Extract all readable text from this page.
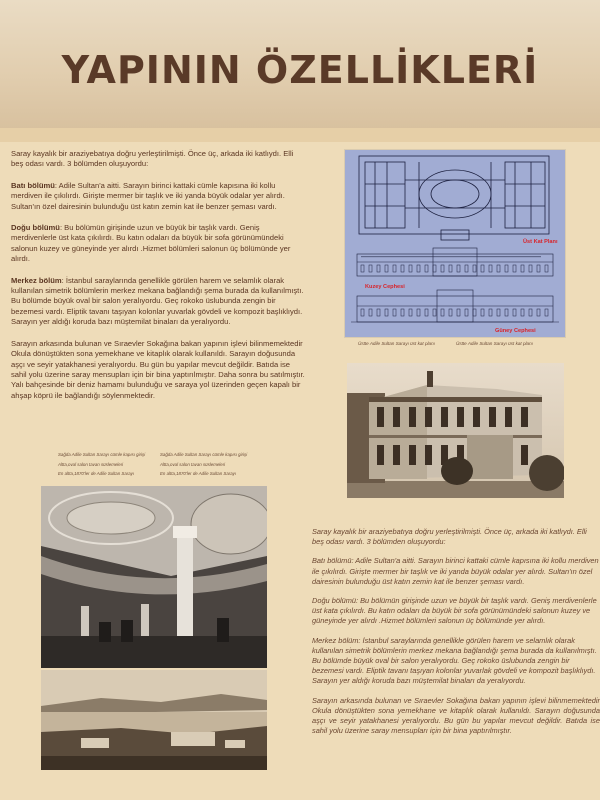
YAPININ ÖZELLİKLERİ

Saray kayalık bir araziyebatıya doğru yerleştirilmişti. Önce üç, arkada iki katlıydı. Elli beş odası vardı. 3 bölümden oluşuyordu:

Batı bölümü: Adile Sultan'a aitti. Sarayın birinci kattaki cümle kapısına iki kollu merdiven ile çıkılırdı. Girişte mermer bir taşlık ve iki yanda büyük odalar yer alırdı. Sultan'ın özel dairesinin bulunduğu üst katın zemin kat ile benzer şeması vardı.

Doğu bölümü: Bu bölümün girişinde uzun ve büyük bir taşlık vardı. Geniş merdivenlerle üst kata çıkılırdı. Bu katın odaları da büyük bir sofa görünümündeki salonun kuzey ve güneyinde yer alırdı .Hizmet bölümleri salonun üç bölümünde yer alırdı.

Merkez bölüm: İstanbul saraylarında genellikle görülen harem ve selamlık olarak kullanılan simetrik bölümlerin merkez mekana bağlandığı şema burada da kullanılmıştı. Bu bölümde büyük oval bir salon yeralıyordu. Geç rokoko üslubunda zengin bir bezemesi vardı. Eliptik tavanı taşıyan kolonlar yuvarlak gövdeli ve kompozit başlıklıydı. Sarayın yer aldığı koruda bazı müştemilat binaları da yeralıyordu.

Sarayın arkasında bulunan ve Sıraevler Sokağına bakan yapının işlevi bilinmemektedir Okula dönüştükten sona yemekhane ve kitaplık olarak kullanıldı. Sarayın doğusunda aşçı ve seyir yatakhanesi yeralıyordu. Bu gün bu yapılar mevcut değildir. Batıda ise sahil yolu üzerine saray mensupları için bir bina yaptırılmıştır. Daha sonra bu satılmıştır. Yalı bahçesinde bir deniz hamamı bulunduğu ve saraya yol üzerinden geçen kapalı bir ahşap köprü ile bağlandığı söylenmektedir.

Üst Kat Planı
Kuzey Cephesi
Güney Cephesi
Üstte Adile Sultan Sarayı üst kat planı	Üstte Adile Sultan Sarayı üst kat planı
Sağda Adile Sultan Sarayı cümle kapısı girişi
Altta,oval salon tavan süslemeleri
En altta,1870'ler de Adile Sultan Sarayı
Sağda Adile Sultan Sarayı cümle kapısı girişi
Altta,oval salon tavan süslemeleri
En altta,1870'ler de Adile Sultan Sarayı

Saray kayalık bir araziyebatıya doğru yerleştirilmişti. Önce üç, arkada iki katlıydı. Elli beş odası vardı. 3 bölümden oluşuyordu:

Batı bölümü: Adile Sultan'a aitti. Sarayın birinci kattaki cümle kapısına iki kollu merdiven ile çıkılırdı. Girişte mermer bir taşlık ve iki yanda büyük odalar yer alırdı. Sultan'ın özel dairesinin bulunduğu üst katın zemin kat ile benzer şeması vardı.

Doğu bölümü: Bu bölümün girişinde uzun ve büyük bir taşlık vardı. Geniş merdivenlerle üst kata çıkılırdı. Bu katın odaları da büyük bir sofa görünümündeki salonun kuzey ve güneyinde yer alırdı .Hizmet bölümleri salonun üç bölümünde yer alırdı.

Merkez bölüm: İstanbul saraylarında genellikle görülen harem ve selamlık olarak kullanılan simetrik bölümlerin merkez mekana bağlandığı şema burada da kullanılmıştı. Bu bölümde büyük oval bir salon yeralıyordu. Geç rokoko üslubunda zengin bir bezemesi vardı. Eliptik tavanı taşıyan kolonlar yuvarlak gövdeli ve kompozit başlıklıydı. Sarayın yer aldığı koruda bazı müştemilat binaları da yeralıyordu.

Sarayın arkasında bulunan ve Sıraevler Sokağına bakan yapının işlevi bilinmemektedir Okula dönüştükten sona yemekhane ve kitaplık olarak kullanıldı. Sarayın doğusunda aşçı ve seyir yatakhanesi yeralıyordu. Bu gün bu yapılar mevcut değildir. Batıda ise sahil yolu üzerine saray mensupları için bir bina yaptırılmıştır.
